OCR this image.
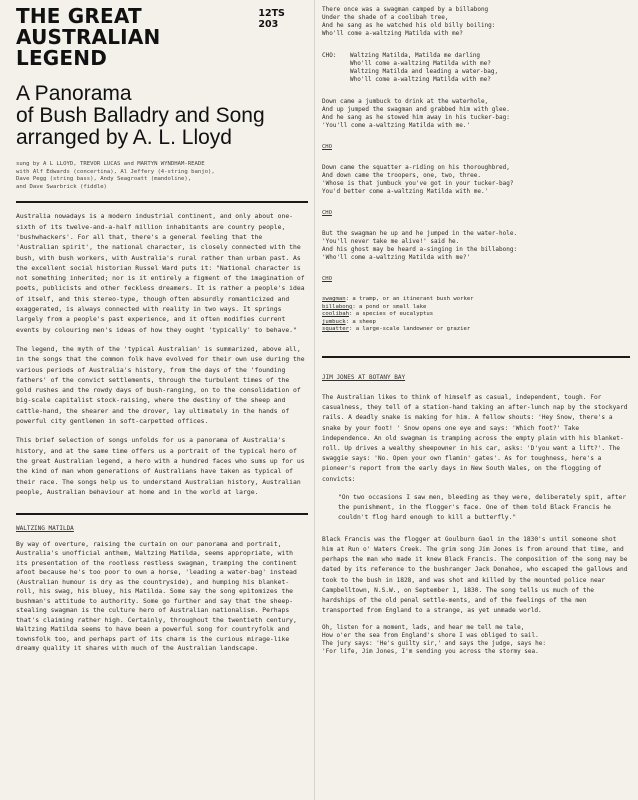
THE GREAT
AUSTRALIAN LEGEND
12TS 203
A Panorama
of Bush Balladry and Song
arranged by A. L. Lloyd
sung by A L LLOYD, TREVOR LUCAS and MARTYN WYNDHAM-READE
with Alf Edwards (concertina), Al Jeffery (4-string banjo),
Dave Pegg (string bass), Andy Seagroatt (mandoline),
and Dave Swarbrick (fiddle)

Australia nowadays is a modern industrial continent, and only about one-sixth of its twelve-and-a-half million inhabitants are country people, 'bushwhackers'. For all that, there's a general feeling that the 'Australian spirit', the national character, is closely connected with the bush, with bush workers, with Australia's rural rather than urban past. As the excellent social historian Russel Ward puts it: "National character is not something inherited; nor is it entirely a figment of the imagination of poets, publicists and other feckless dreamers. It is rather a people's idea of itself, and this stereo-type, though often absurdly romanticized and exaggerated, is always connected with reality in two ways. It springs largely from a people's past experience, and it often modifies current events by colouring men's ideas of how they ought 'typically' to behave."

The legend, the myth of the 'typical Australian' is summarized, above all, in the songs that the common folk have evolved for their own use during the various periods of Australia's history, from the days of the 'founding fathers' of the convict settlements, through the turbulent times of the gold rushes and the rowdy days of bush-ranging, on to the consolidation of big-scale capitalist stock-raising, where the destiny of the sheep and cattle-hand, the shearer and the drover, lay ultimately in the hands of powerful city gentlemen in soft-carpetted offices.

This brief selection of songs unfolds for us a panorama of Australia's history, and at the same time offers us a portrait of the typical hero of the great Australian legend, a hero with a hundred faces who sums up for us the kind of man whom generations of Australians have taken as typical of their race. The songs help us to understand Australian history, Australian people, Australian behaviour at home and in the world at large.

WALTZING MATILDA

By way of overture, raising the curtain on our panorama and portrait, Australia's unofficial anthem, Waltzing Matilda, seems appropriate, with its presentation of the rootless restless swagman, tramping the continent afoot because he's too poor to own a horse, 'leading a water-bag' instead (Australian humour is dry as the countryside), and humping his blanket-roll, his swag, his bluey, his Matilda. Some say the song epitomizes the bushman's attitude to authority. Some go further and say that the sheep-stealing swagman is the culture hero of Australian nationalism. Perhaps that's claiming rather high. Certainly, throughout the twentieth century, Waltzing Matilda seems to have been a powerful song for countryfolk and townsfolk too, and perhaps part of its charm is the curious mirage-like dreamy quality it shares with much of the Australian landscape.

There once was a swagman camped by a billabong
Under the shade of a coolibah tree,
And he sang as he watched his old billy boiling:
Who'll come a-waltzing Matilda with me?
CHO:	Waltzing Matilda, Matilda me darling
Who'll come a-waltzing Matilda with me?
Waltzing Matilda and leading a water-bag,
Who'll come a-waltzing Matilda with me?
Down came a jumbuck to drink at the waterhole,
And up jumped the swagman and grabbed him with glee.
And he sang as he stowed him away in his tucker-bag:
'You'll come a-waltzing Matilda with me.'
CHO
Down came the squatter a-riding on his thoroughbred,
And down came the troopers, one, two, three.
'Whose is that jumbuck you've got in your tucker-bag?
You'd better come a-waltzing Matilda with me.'
CHO
But the swagman he up and he jumped in the water-hole.
'You'll never take me alive!' said he.
And his ghost may be heard a-singing in the billabong:
'Who'll come a-waltzing Matilda with me?'
CHO
swagman: a tramp, or an itinerant bush worker
billabong: a pond or small lake
coolibah: a species of eucalyptus
jumbuck: a sheep
squatter: a large-scale landowner or grazier
JIM JONES AT BOTANY BAY

The Australian likes to think of himself as casual, independent, tough. For casualness, they tell of a station-hand taking an after-lunch nap by the stockyard rails. A deadly snake is making for him. A fellow shouts: 'Hey Snow, there's a snake by your foot! ' Snow opens one eye and says: 'Which foot?' Take independence. An old swagman is tramping across the empty plain with his blanket-roll. Up drives a wealthy sheepowner in his car, asks: 'D'you want a lift?'. The swaggie says: 'No. Open your own flamin' gates'. As for toughness, here's a pioneer's report from the early days in New South Wales, on the flogging of convicts:

"On two occasions I saw men, bleeding as they were, deliberately spit, after the punishment, in the flogger's face. One of them told Black Francis he couldn't flog hard enough to kill a butterfly."

Black Francis was the flogger at Goulburn Gaol in the 1830's until someone shot him at Run o' Waters Creek. The grim song Jim Jones is from around that time, and perhaps the man who made it knew Black Francis. The composition of the song may be dated by its reference to the bushranger Jack Donahoe, who escaped the gallows and took to the bush in 1828, and was shot and killed by the mounted police near Campbelltown, N.S.W., on September 1, 1830. The song tells us much of the hardships of the old penal settle-ments, and of the feelings of the men transported from England to a strange, as yet unmade world.

Oh, listen for a moment, lads, and hear me tell me tale,
How o'er the sea from England's shore I was obliged to sail.
The jury says: 'He's guilty sir,' and says the judge, says he:
'For life, Jim Jones, I'm sending you across the stormy sea.
